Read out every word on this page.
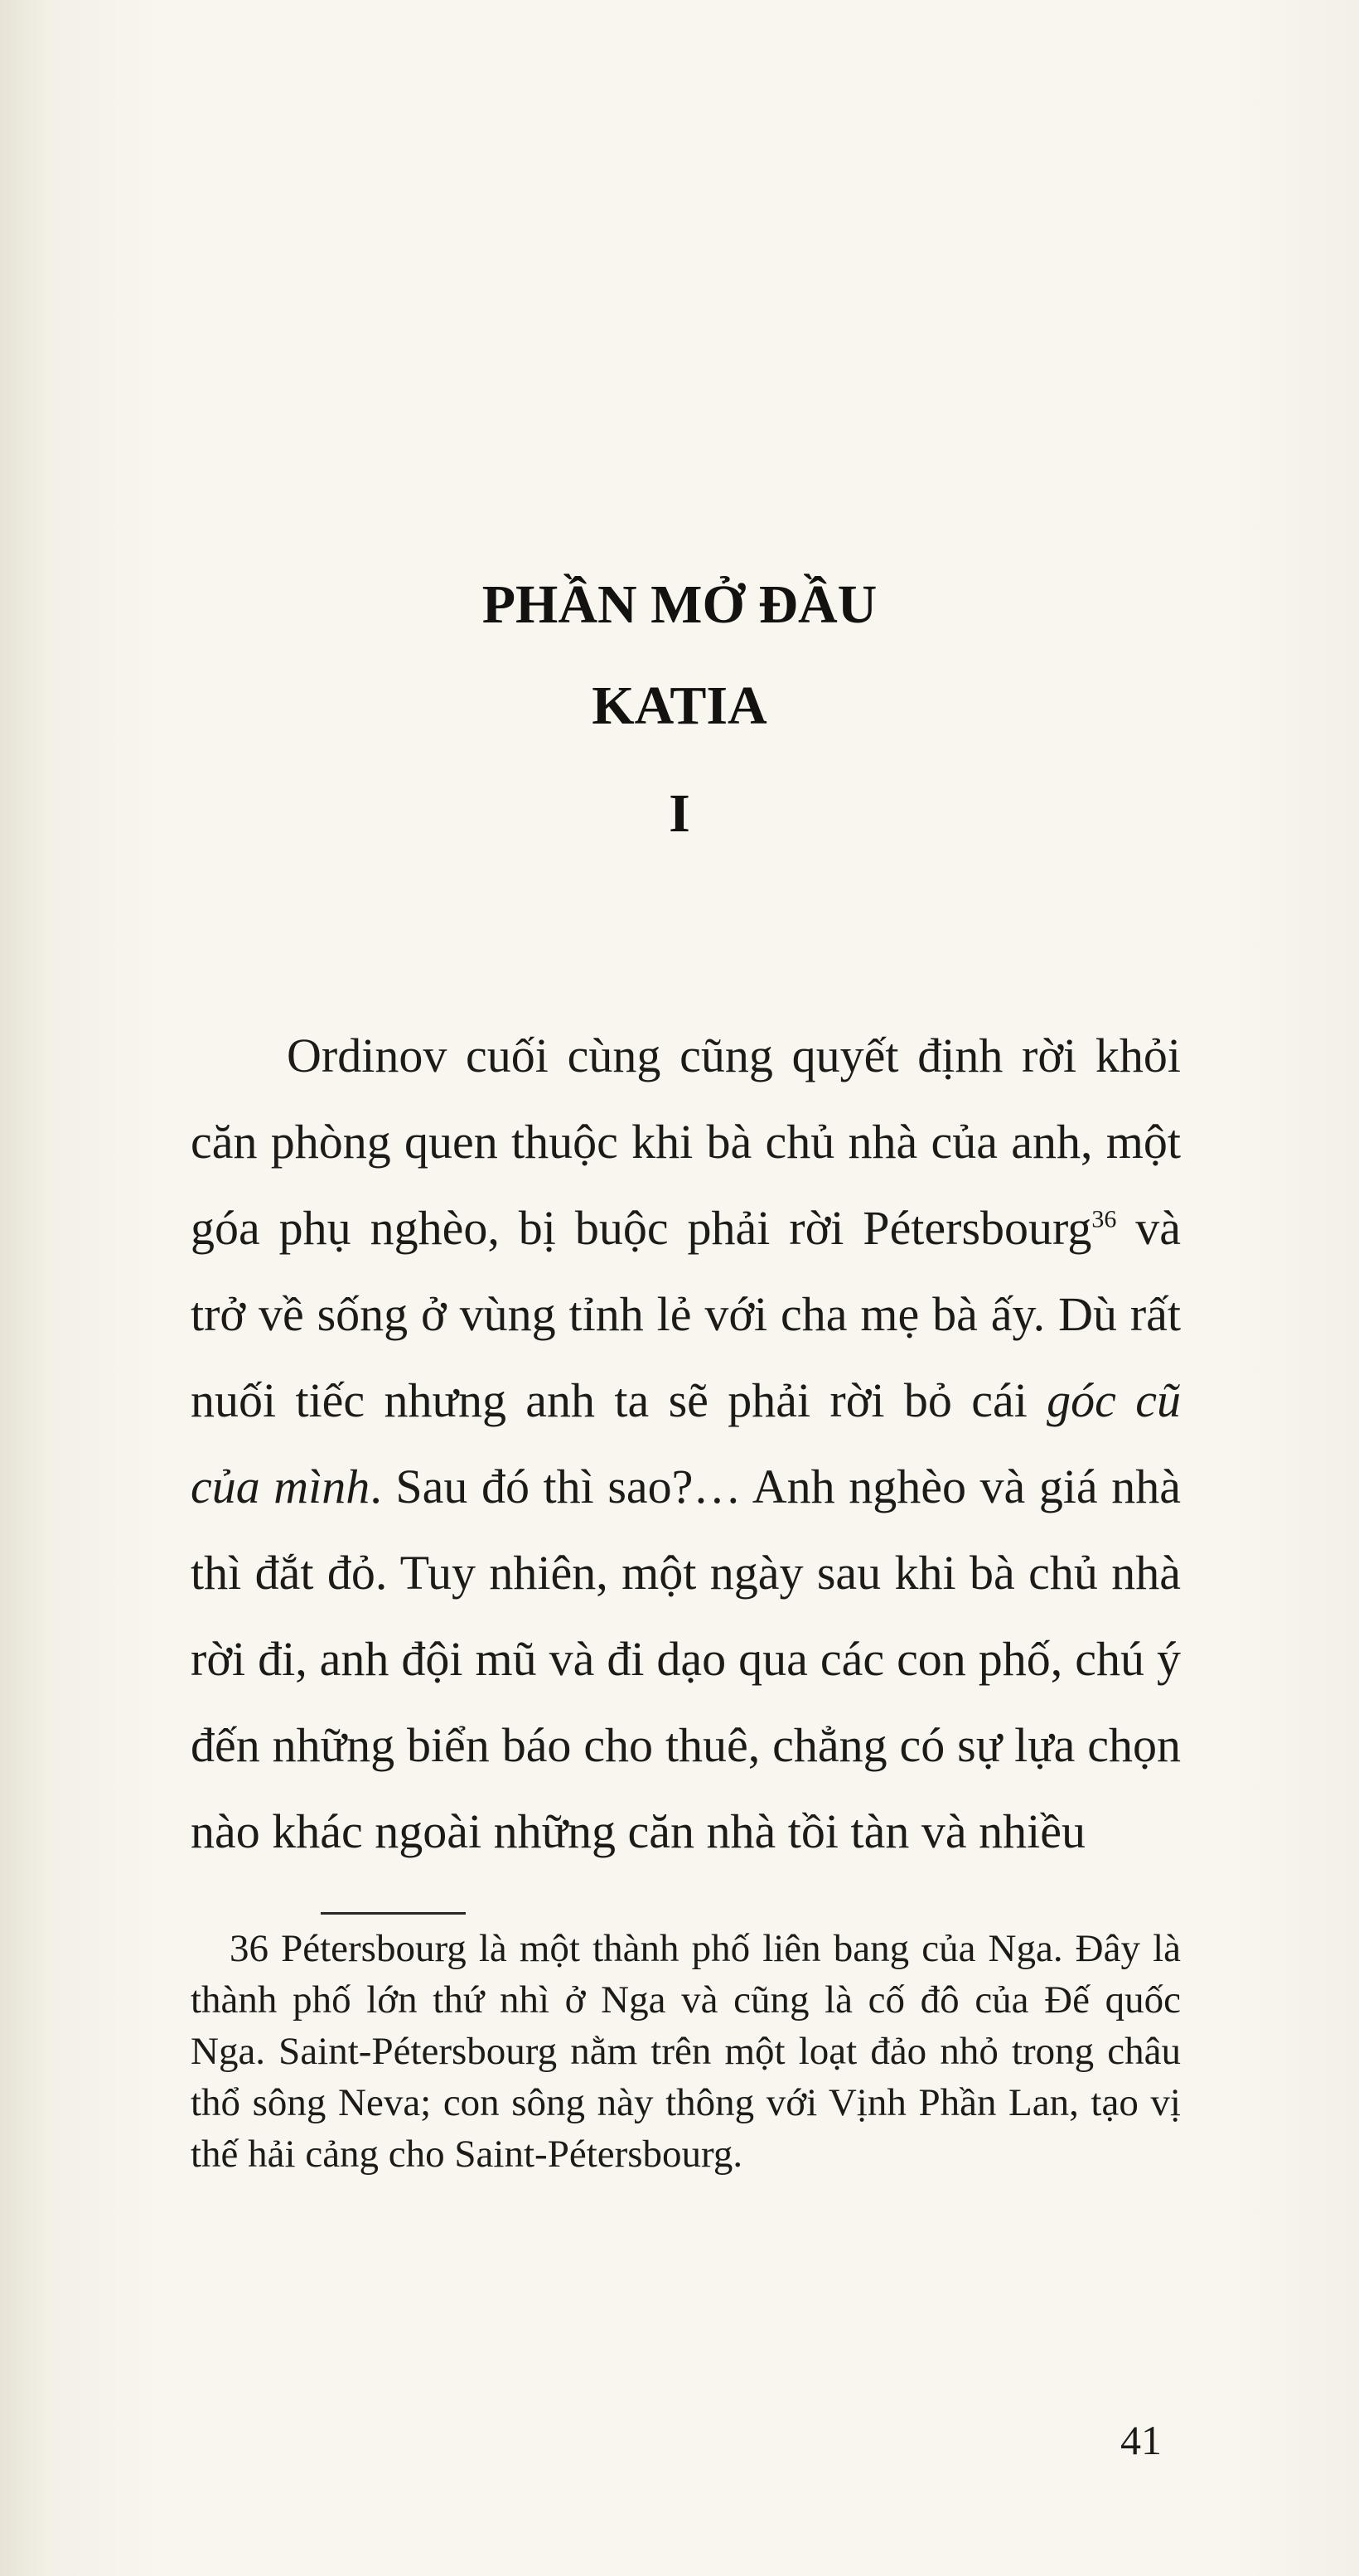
PHẦN MỞ ĐẦU

KATIA

I

  Ordinov cuối cùng cũng quyết định rời khỏi căn phòng quen thuộc khi bà chủ nhà của anh, một góa phụ nghèo, bị buộc phải rời Pétersbourg$^{36}$ và trở về sống ở vùng tỉnh lẻ với cha mẹ bà ấy. Dù rất nuối tiếc nhưng anh ta sẽ phải rời bỏ cái góc cũ của mình. Sau đó thì sao?… Anh nghèo và giá nhà thì đắt đỏ. Tuy nhiên, một ngày sau khi bà chủ nhà rời đi, anh đội mũ và đi dạo qua các con phố, chú ý đến những biển báo cho thuê, chẳng có sự lựa chọn nào khác ngoài những căn nhà tồi tàn và nhiều

 36 Pétersbourg là một thành phố liên bang của Nga. Đây là thành phố lớn thứ nhì ở Nga và cũng là cố đô của Đế quốc Nga. Saint-Pétersbourg nằm trên một loạt đảo nhỏ trong châu thổ sông Neva; con sông này thông với Vịnh Phần Lan, tạo vị thế hải cảng cho Saint-Pétersbourg.

41
